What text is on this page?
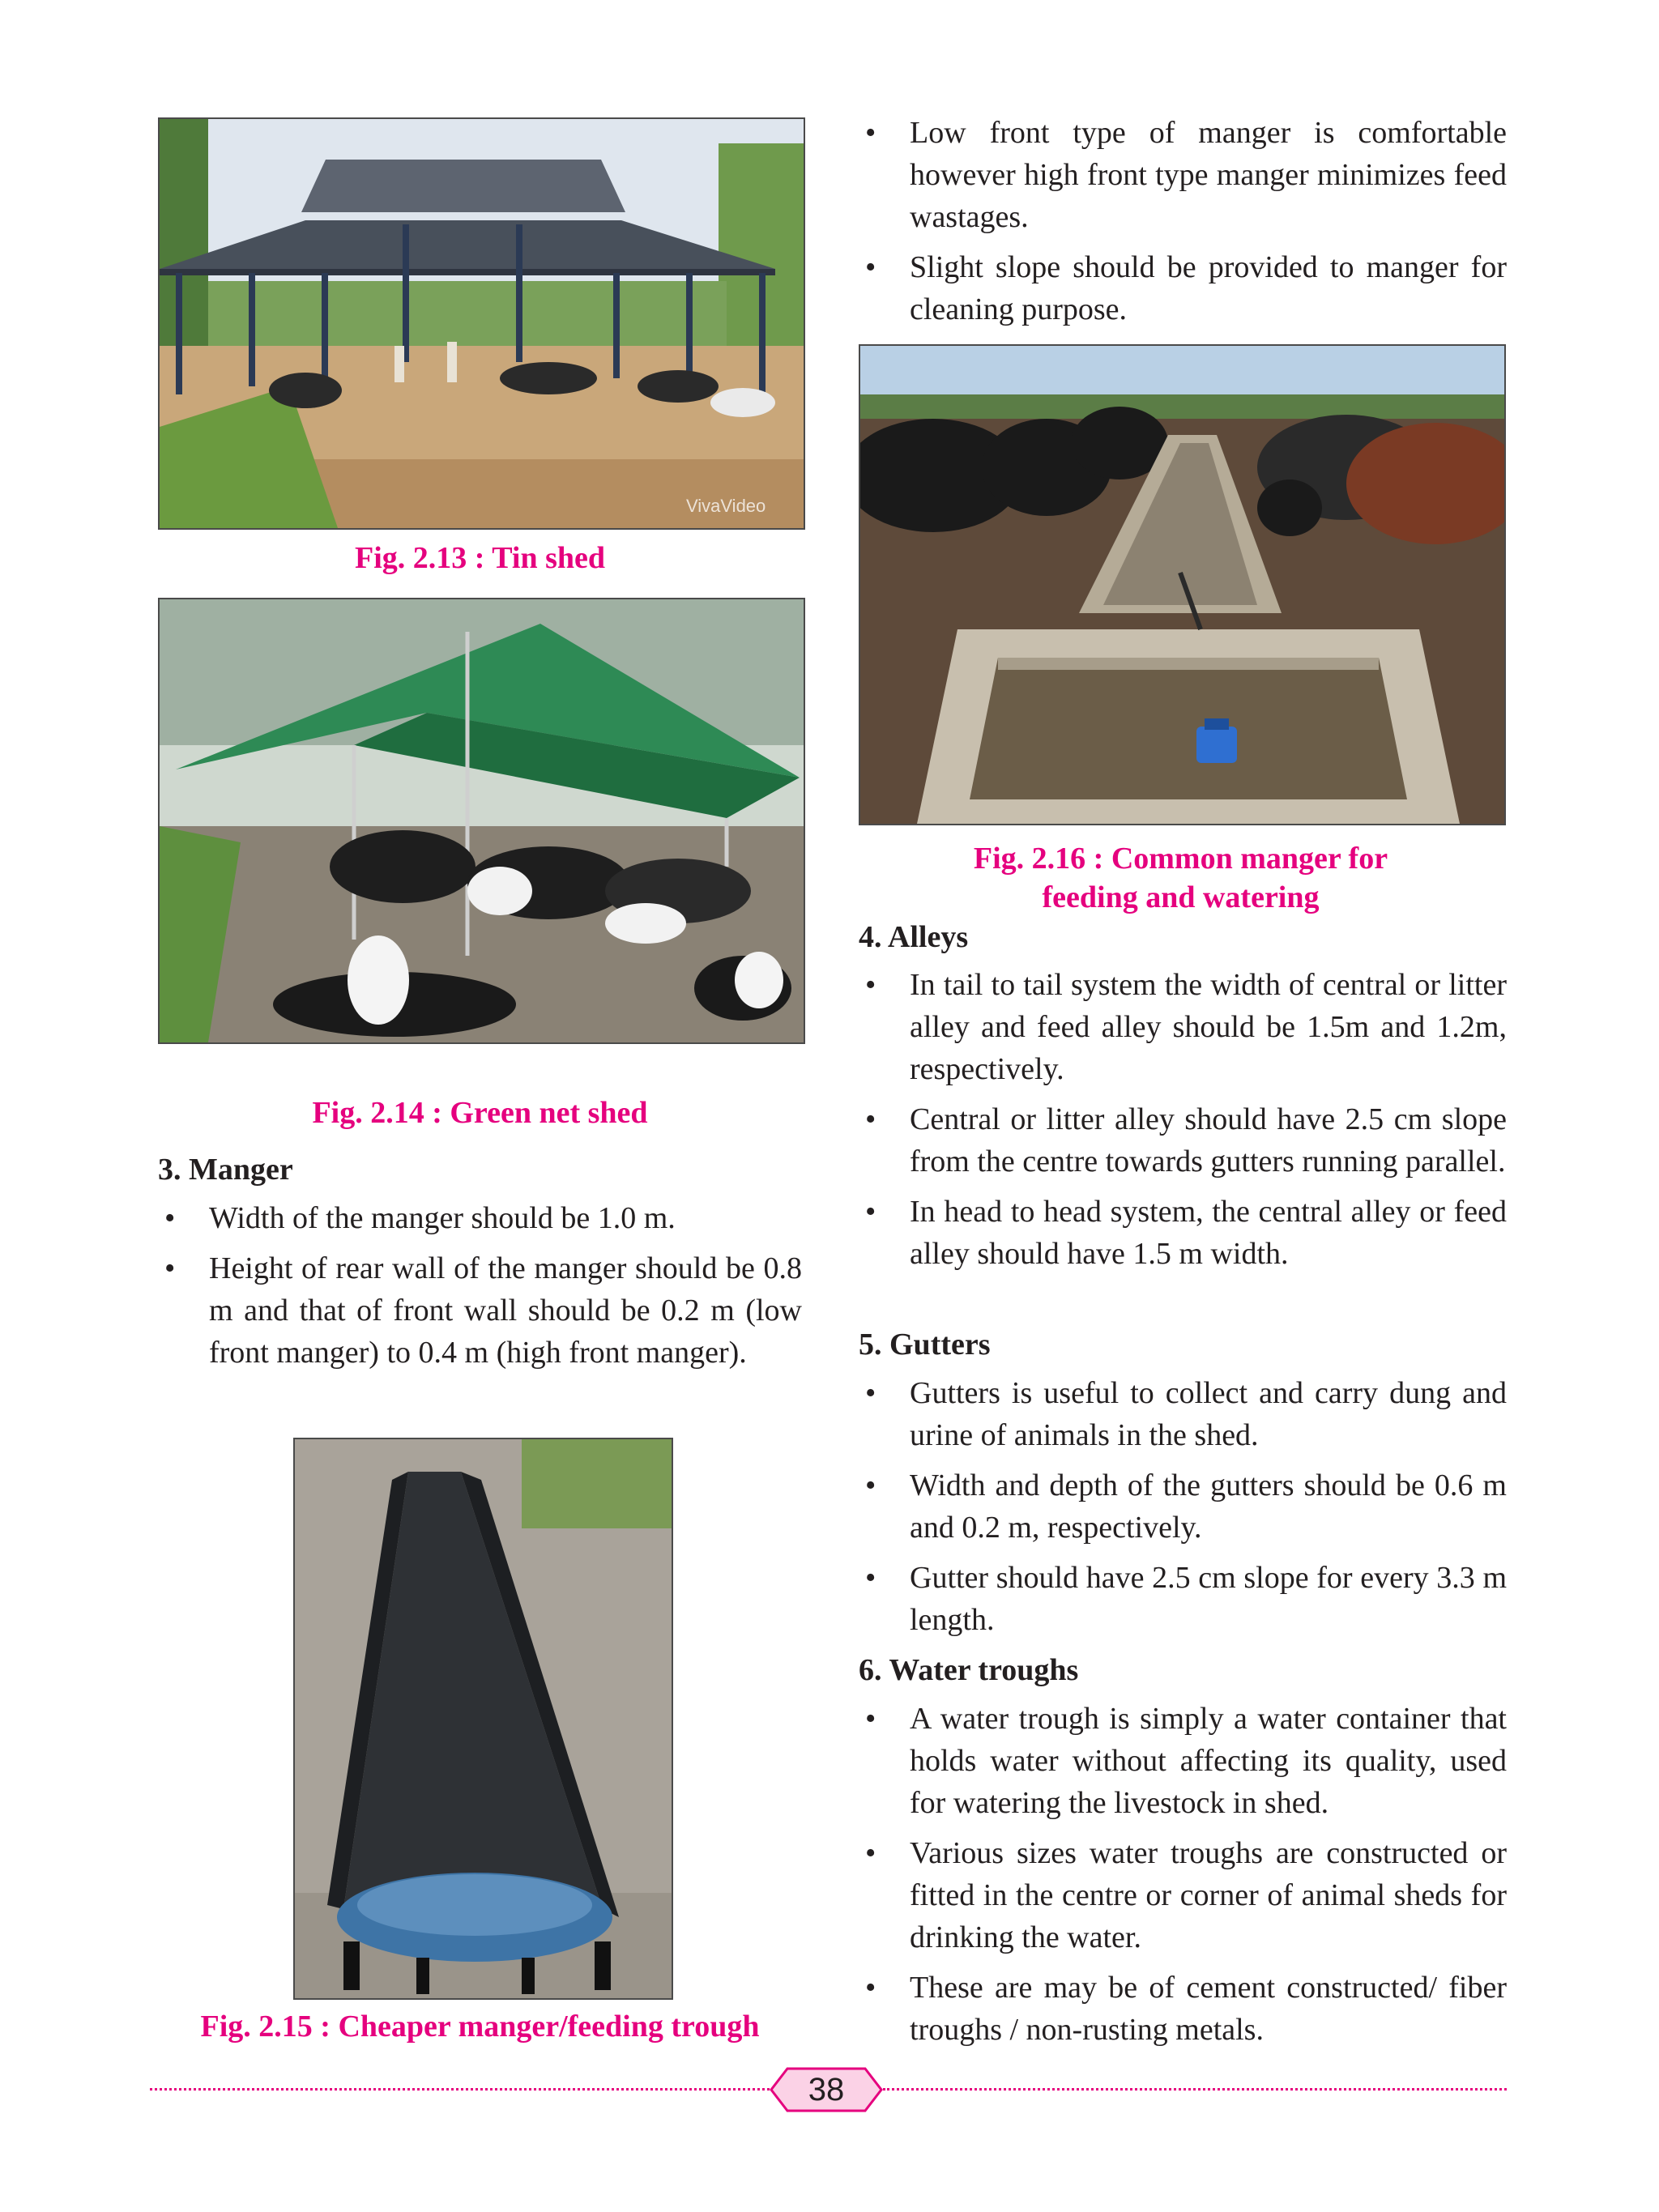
VivaVideo
Fig. 2.13 : Tin shed
Fig. 2.14 : Green net shed
3. Manger
• Width of the manger should be 1.0 m.
• Height of rear wall of the manger should be 0.8 m and that of front wall should be 0.2 m (low front manger) to 0.4 m (high front manger).
Fig. 2.15 : Cheaper manger/feeding trough
• Low front type of manger is comfortable however high front type manger minimizes feed wastages.
• Slight slope should be provided to manger for cleaning purpose.
Fig. 2.16 : Common manger for
feeding and watering
4. Alleys
• In tail to tail system the width of central or litter alley and feed alley should be 1.5m and 1.2m, respectively.
• Central or litter alley should have 2.5 cm slope from the centre towards gutters running parallel.
• In head to head system, the central alley or feed alley should have 1.5 m width.
5. Gutters
• Gutters is useful to collect and carry dung and urine of animals in the shed.
• Width and depth of the gutters should be 0.6 m and 0.2 m, respectively.
• Gutter should have 2.5 cm slope for every 3.3 m length.
6. Water troughs
• A water trough is simply a water container that holds water without affecting its quality, used for watering the livestock in shed.
• Various sizes water troughs are constructed or fitted in the centre or corner of animal sheds for drinking the water.
• These are may be of cement constructed/ fiber troughs / non-rusting metals.
38
